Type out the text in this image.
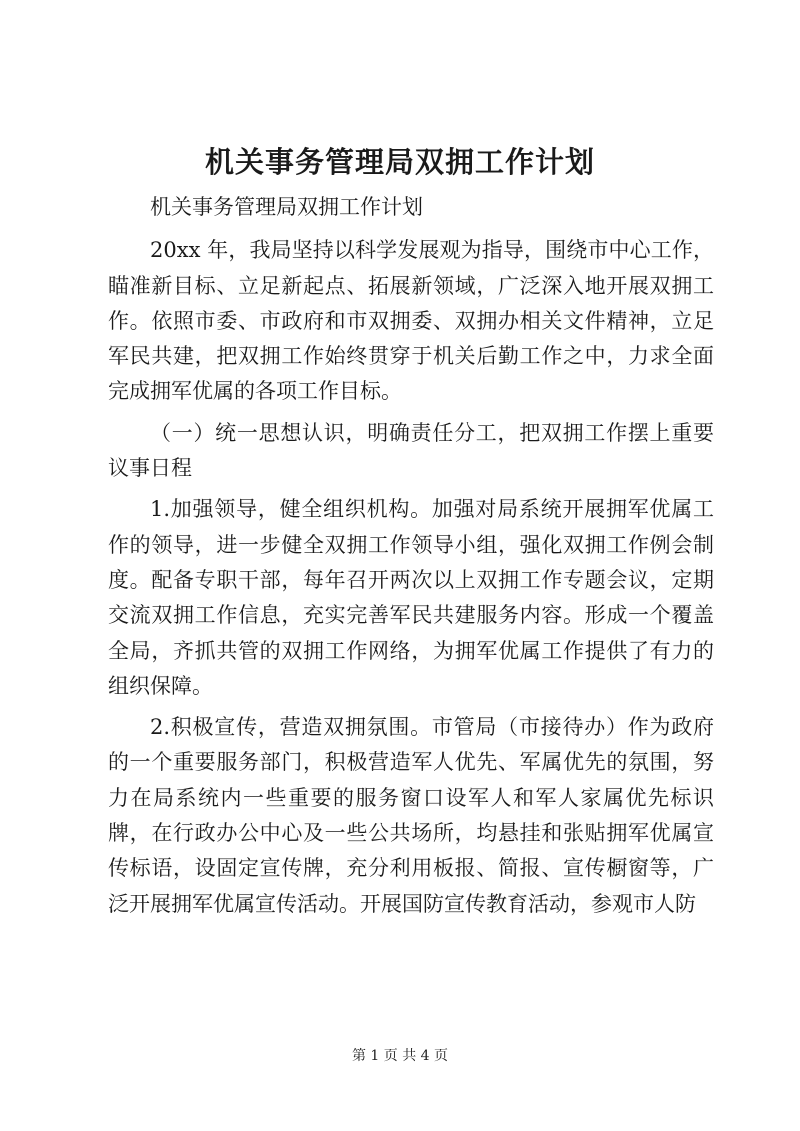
机关事务管理局双拥工作计划

机关事务管理局双拥工作计划

20xx 年，我局坚持以科学发展观为指导，围绕市中心工作，瞄准新目标、立足新起点、拓展新领域，广泛深入地开展双拥工作。依照市委、市政府和市双拥委、双拥办相关文件精神，立足军民共建，把双拥工作始终贯穿于机关后勤工作之中，力求全面完成拥军优属的各项工作目标。

（一）统一思想认识，明确责任分工，把双拥工作摆上重要议事日程

1.加强领导，健全组织机构。加强对局系统开展拥军优属工作的领导，进一步健全双拥工作领导小组，强化双拥工作例会制度。配备专职干部，每年召开两次以上双拥工作专题会议，定期交流双拥工作信息，充实完善军民共建服务内容。形成一个覆盖全局，齐抓共管的双拥工作网络，为拥军优属工作提供了有力的组织保障。

2.积极宣传，营造双拥氛围。市管局（市接待办）作为政府的一个重要服务部门，积极营造军人优先、军属优先的氛围，努力在局系统内一些重要的服务窗口设军人和军人家属优先标识牌，在行政办公中心及一些公共场所，均悬挂和张贴拥军优属宣传标语，设固定宣传牌，充分利用板报、简报、宣传橱窗等，广泛开展拥军优属宣传活动。开展国防宣传教育活动，参观市人防

第 1 页 共 4 页
